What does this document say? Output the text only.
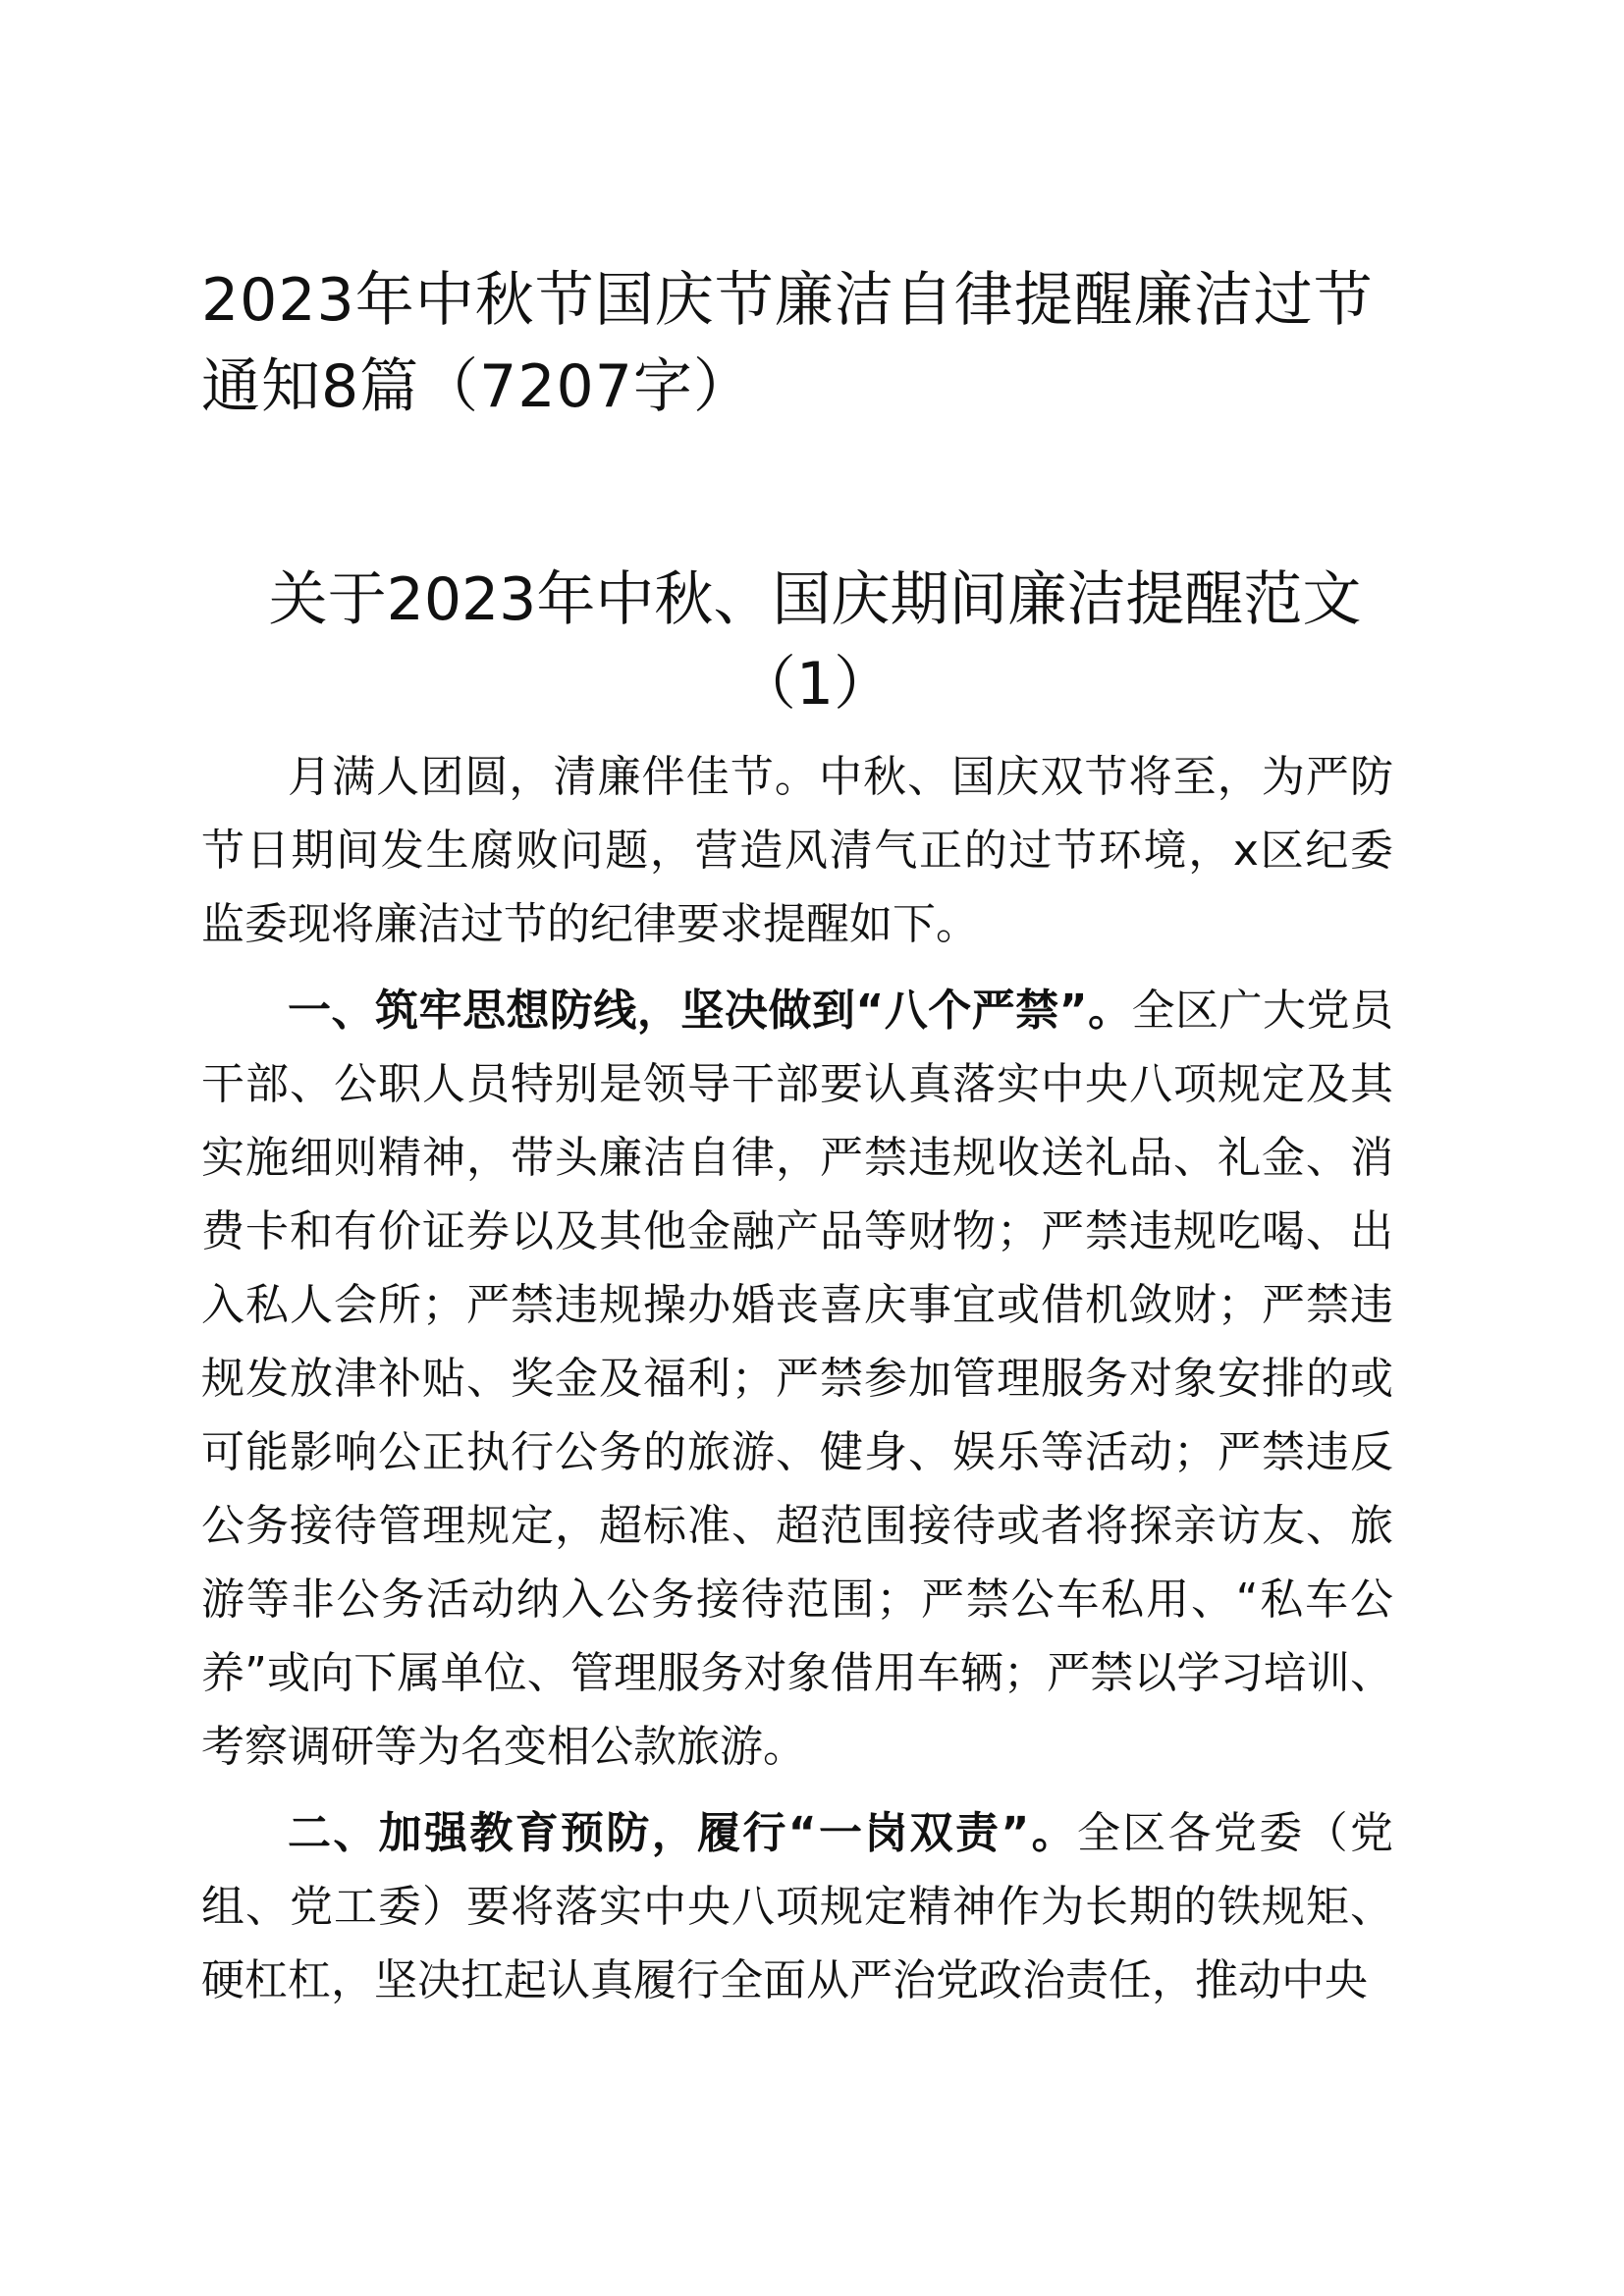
2023年中秋节国庆节廉洁自律提醒廉洁过节通知8篇（7207字）
关于2023年中秋、国庆期间廉洁提醒范文
（1）

月满人团圆，清廉伴佳节。中秋、国庆双节将至，为严防节日期间发生腐败问题，营造风清气正的过节环境，x区纪委监委现将廉洁过节的纪律要求提醒如下。

一、筑牢思想防线，坚决做到“八个严禁”。全区广大党员干部、公职人员特别是领导干部要认真落实中央八项规定及其实施细则精神，带头廉洁自律，严禁违规收送礼品、礼金、消费卡和有价证券以及其他金融产品等财物；严禁违规吃喝、出入私人会所；严禁违规操办婚丧喜庆事宜或借机敛财；严禁违规发放津补贴、奖金及福利；严禁参加管理服务对象安排的或可能影响公正执行公务的旅游、健身、娱乐等活动；严禁违反公务接待管理规定，超标准、超范围接待或者将探亲访友、旅游等非公务活动纳入公务接待范围；严禁公车私用、“私车公养”或向下属单位、管理服务对象借用车辆；严禁以学习培训、考察调研等为名变相公款旅游。

二、加强教育预防，履行“一岗双责”。全区各党委（党组、党工委）要将落实中央八项规定精神作为长期的铁规矩、硬杠杠，坚决扛起认真履行全面从严治党政治责任，推动中央
